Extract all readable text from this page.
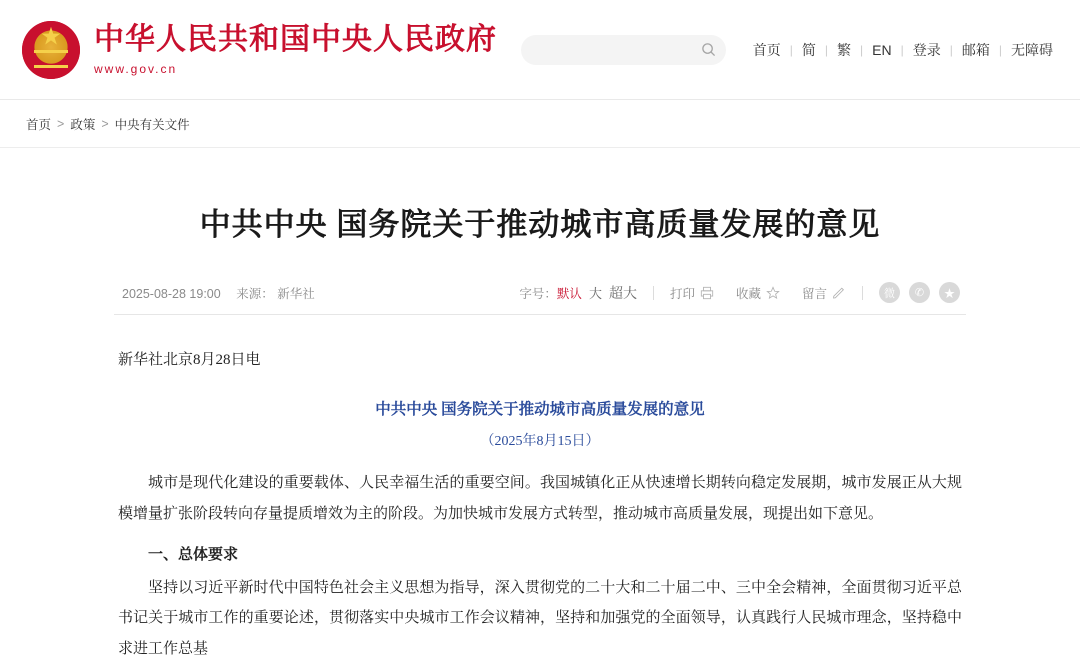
★
中华人民共和国中央人民政府
www.gov.cn
首页 | 简 | 繁 | EN | 登录 | 邮箱 | 无障碍
首页 > 政策 > 中央有关文件
中共中央 国务院关于推动城市高质量发展的意见
2025-08-28 19:00 来源： 新华社	字号： 默认 大 超大	打印	收藏	留言	微	✆	★

新华社北京8月28日电

中共中央 国务院关于推动城市高质量发展的意见

（2025年8月15日）

城市是现代化建设的重要载体、人民幸福生活的重要空间。我国城镇化正从快速增长期转向稳定发展期，城市发展正从大规模增量扩张阶段转向存量提质增效为主的阶段。为加快城市发展方式转型，推动城市高质量发展，现提出如下意见。

一、总体要求

坚持以习近平新时代中国特色社会主义思想为指导，深入贯彻党的二十大和二十届二中、三中全会精神，全面贯彻习近平总书记关于城市工作的重要论述，贯彻落实中央城市工作会议精神，坚持和加强党的全面领导，认真践行人民城市理念，坚持稳中求进工作总基
